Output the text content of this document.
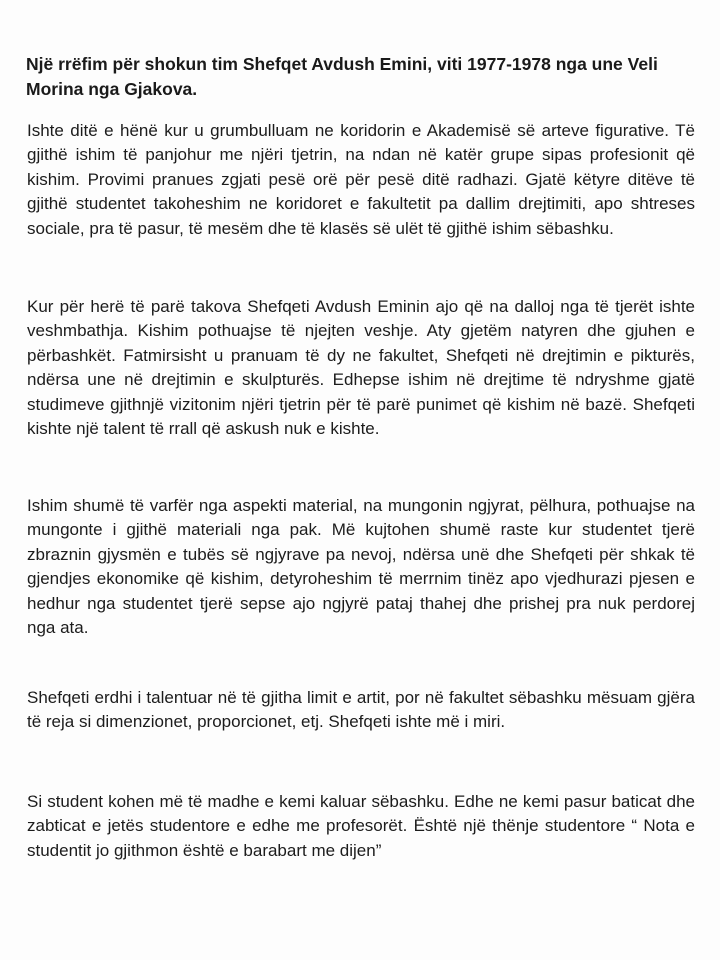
Një rrëfim për shokun tim Shefqet Avdush Emini, viti 1977-1978 nga une Veli Morina nga Gjakova.

Ishte ditë e hënë kur u grumbulluam ne koridorin e Akademisë së arteve figurative. Të gjithë ishim të panjohur me njëri tjetrin, na ndan në katër grupe sipas profesionit që kishim. Provimi pranues zgjati pesë orë për pesë ditë radhazi. Gjatë këtyre ditëve të gjithë studentet takoheshim ne koridoret e fakultetit pa dallim drejtimiti, apo shtreses sociale, pra të pasur, të mesëm dhe të klasës së ulët të gjithë ishim sëbashku.

Kur për herë të parë takova Shefqeti Avdush Eminin ajo që na dalloj nga të tjerët ishte veshmbathja. Kishim pothuajse të njejten veshje. Aty gjetëm natyren dhe gjuhen e përbashkët. Fatmirsisht u pranuam të dy ne fakultet, Shefqeti në drejtimin e pikturës, ndërsa une në drejtimin e skulpturës. Edhepse ishim në drejtime të ndryshme gjatë studimeve gjithnjë vizitonim njëri tjetrin për të parë punimet që kishim në bazë. Shefqeti kishte një talent të rrall që askush nuk e kishte.

Ishim shumë të varfër nga aspekti material, na mungonin ngjyrat, pëlhura, pothuajse na mungonte i gjithë materiali nga pak. Më kujtohen shumë raste kur studentet tjerë zbraznin gjysmën e tubës së ngjyrave pa nevoj, ndërsa unë dhe Shefqeti për shkak të gjendjes ekonomike që kishim, detyroheshim të merrnim tinëz apo vjedhurazi pjesen e hedhur nga studentet tjerë sepse ajo ngjyrë pataj thahej dhe prishej pra nuk perdorej nga ata.

Shefqeti erdhi i talentuar në të gjitha limit e artit, por në fakultet sëbashku mësuam gjëra të reja si dimenzionet, proporcionet, etj. Shefqeti ishte më i miri.

Si student kohen më të madhe e kemi kaluar sëbashku. Edhe ne kemi pasur baticat dhe zabticat e jetës studentore e edhe me profesorët. Është një thënje studentore “ Nota e studentit jo gjithmon është e barabart me dijen”
